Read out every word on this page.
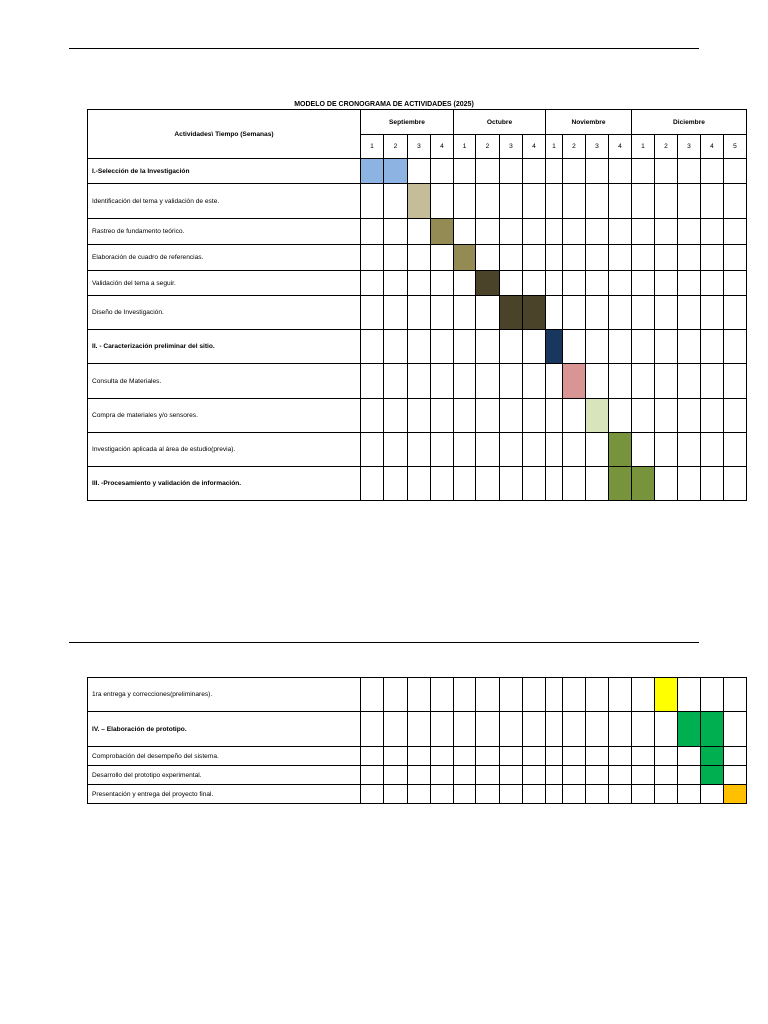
MODELO DE CRONOGRAMA DE ACTIVIDADES (2025)
Actividades\ Tiempo (Semanas)	Septiembre				Octubre				Noviembre				Diciembre				
	1	2	3	4	1	2	3	4	1	2	3	4	1	2	3	4	5
I.-Selección de la Investigación																	
Identificación del tema y validación de este.																	
Rastreo de fundamento teórico.																	
Elaboración de cuadro de referencias.																	
Validación del tema a seguir.																	
Diseño de Investigación.																	
II. - Caracterización preliminar del sitio.																	
Consulta de Materiales.																	
Compra de materiales y/o sensores.																	
Investigación aplicada al área de estudio(previa).																	
III. -Procesamiento y validación de información.																	
1ra entrega y correcciones(preliminares).																	
IV. – Elaboración de prototipo.																	
Comprobación del desempeño del sistema.																	
Desarrollo del prototipo experimental.																	
Presentación y entrega del proyecto final.																	
